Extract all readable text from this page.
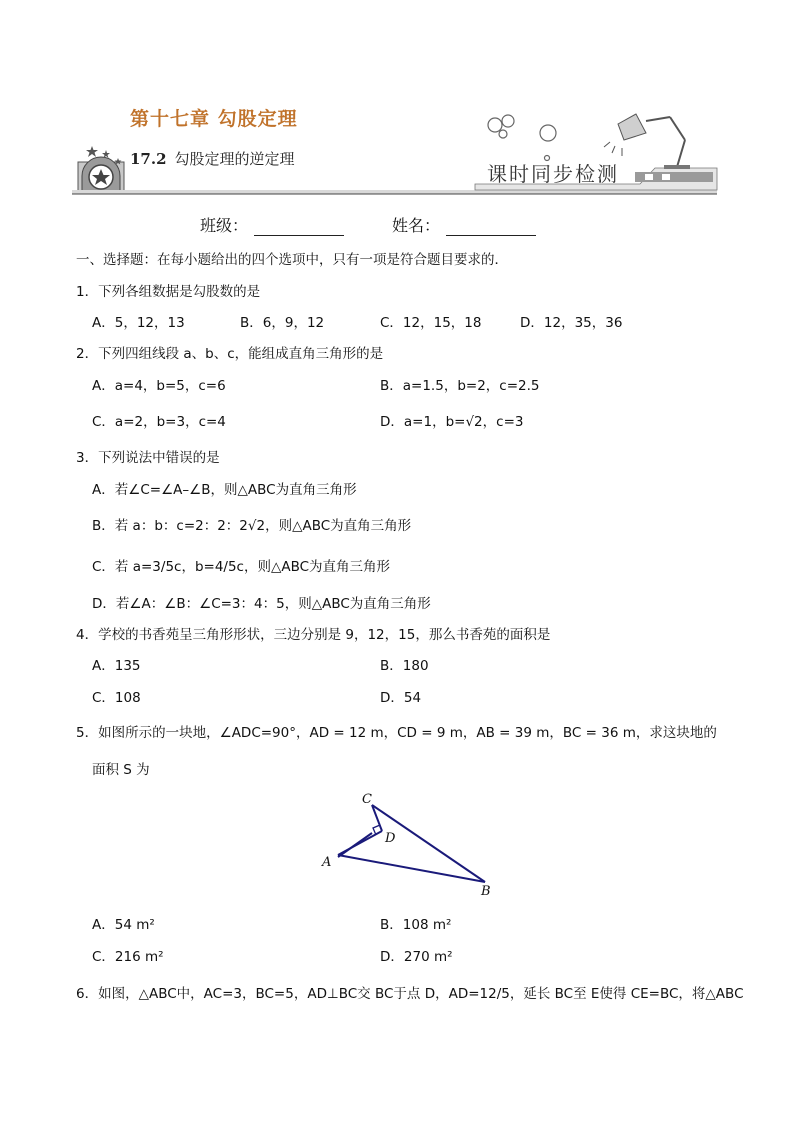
第十七章 勾股定理
17.2 勾股定理的逆定理
课时同步检测
班级：	姓名：
一、选择题：在每小题给出的四个选项中，只有一项是符合题目要求的．
1．下列各组数据是勾股数的是
A．5，12，13	B．6，9，12	C．12，15，18	D．12，35，36
2．下列四组线段 a、b、c，能组成直角三角形的是
A．a=4，b=5，c=6	B．a=1.5，b=2，c=2.5
C．a=2，b=3，c=4	D．a=1，b=√2，c=3
3．下列说法中错误的是
A．若∠C=∠A–∠B，则△ABC为直角三角形
B．若 a：b：c=2：2：2√2，则△ABC为直角三角形
C．若 a=3/5c，b=4/5c，则△ABC为直角三角形
D．若∠A：∠B：∠C=3：4：5，则△ABC为直角三角形
4．学校的书香苑呈三角形形状，三边分别是 9，12，15，那么书香苑的面积是
A．135	B．180
C．108	D．54
5．如图所示的一块地，∠ADC=90°，AD = 12 m，CD = 9 m，AB = 39 m，BC = 36 m，求这块地的
面积 S 为
C
D
A
B
A．54 m²	B．108 m²
C．216 m²	D．270 m²
6．如图，△ABC中，AC=3，BC=5，AD⊥BC交 BC于点 D，AD=12/5，延长 BC至 E使得 CE=BC，将△ABC
